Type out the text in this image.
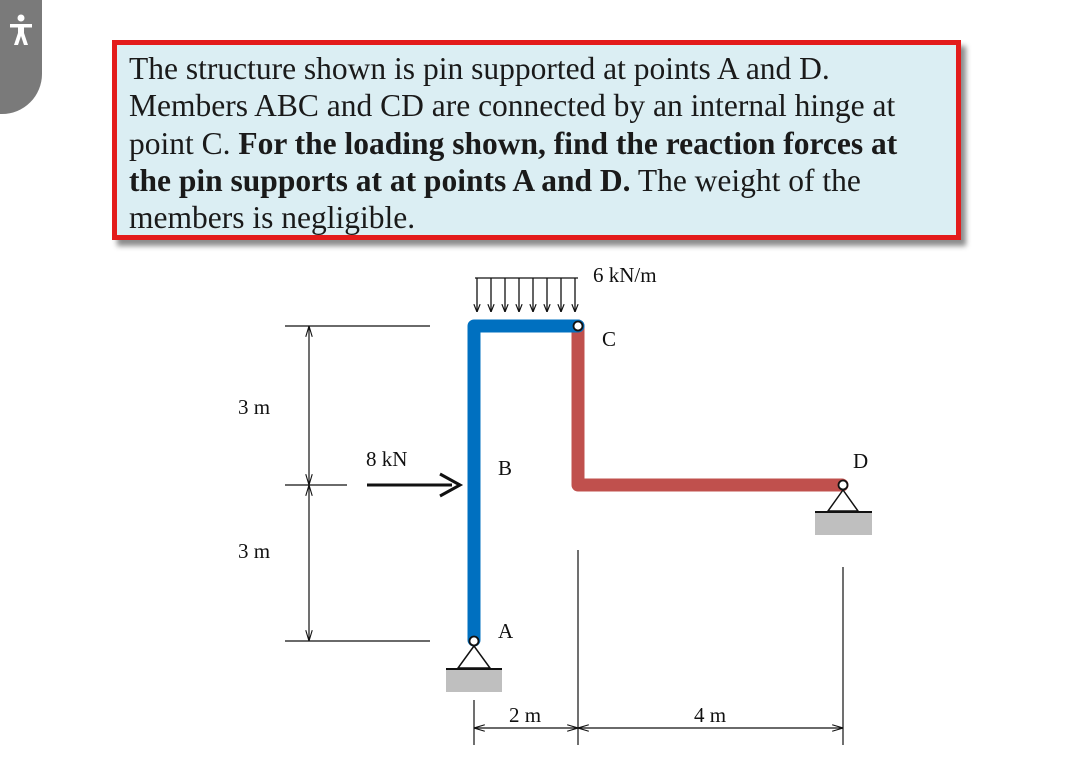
The structure shown is pin supported at points A and D. Members ABC and CD are connected by an internal hinge at point C. For the loading shown, find the reaction forces at the pin supports at at points A and D. The weight of the members is negligible.
6 kN/m
8 kN
A
B
C
D
3 m
3 m
2 m	4 m
